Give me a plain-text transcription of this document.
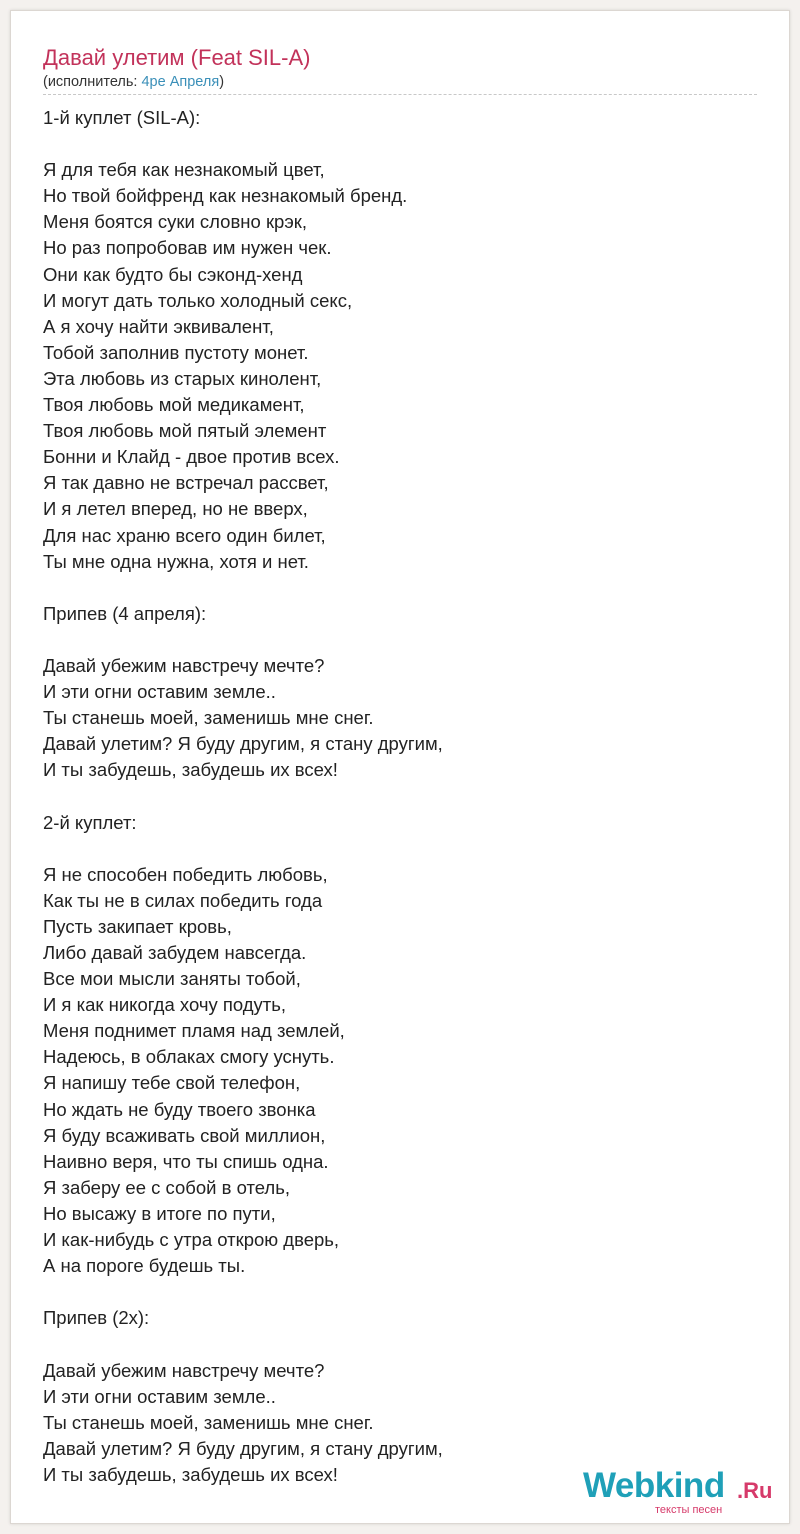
Давай улетим (Feat SIL-A)
(исполнитель: 4ре Апреля)
1-й куплет (SIL-A):
Я для тебя как незнакомый цвет,
Но твой бойфренд как незнакомый бренд.
Меня боятся суки словно крэк,
Но раз попробовав им нужен чек.
Они как будто бы сэконд-хенд
И могут дать только холодный секс,
А я хочу найти эквивалент,
Тобой заполнив пустоту монет.
Эта любовь из старых кинолент,
Твоя любовь мой медикамент,
Твоя любовь мой пятый элемент
Бонни и Клайд - двое против всех.
Я так давно не встречал рассвет,
И я летел вперед, но не вверх,
Для нас храню всего один билет,
Ты мне одна нужна, хотя и нет.
Припев (4 апреля):
Давай убежим навстречу мечте?
И эти огни оставим земле..
Ты станешь моей, заменишь мне снег.
Давай улетим? Я буду другим, я стану другим,
И ты забудешь, забудешь их всех!
2-й куплет:
Я не способен победить любовь,
Как ты не в силах победить года
Пусть закипает кровь,
Либо давай забудем навсегда.
Все мои мысли заняты тобой,
И я как никогда хочу подуть,
Меня поднимет пламя над землей,
Надеюсь, в облаках смогу уснуть.
Я напишу тебе свой телефон,
Но ждать не буду твоего звонка
Я буду всаживать свой миллион,
Наивно веря, что ты спишь одна.
Я заберу ее с собой в отель,
Но высажу в итоге по пути,
И как-нибудь с утра открою дверь,
А на пороге будешь ты.
Припев (2x):
Давай убежим навстречу мечте?
И эти огни оставим земле..
Ты станешь моей, заменишь мне снег.
Давай улетим? Я буду другим, я стану другим,
И ты забудешь, забудешь их всех!	Webkind .Ru
тексты песен
